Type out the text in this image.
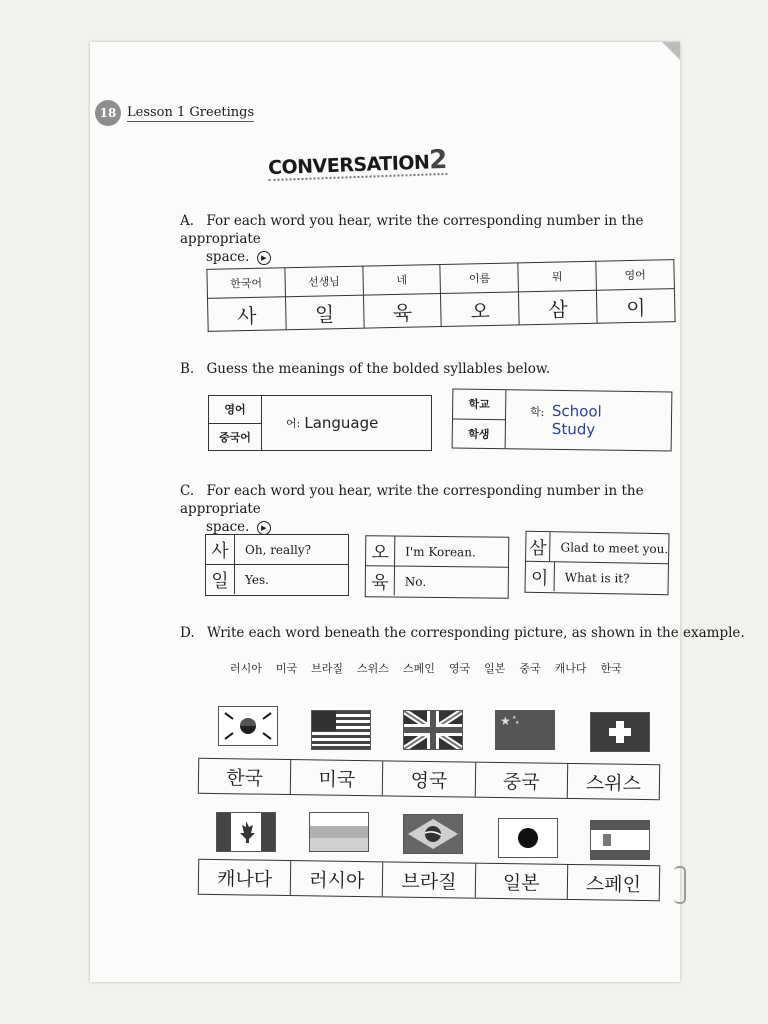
18 Lesson 1 Greetings
CONVERSATION2
A. For each word you hear, write the corresponding number in the appropriate
space. ▶
한국어	선생님	네	이름	뭐	영어
사	일	육	오	삼	이
B. Guess the meanings of the bolded syllables below.
영어
중국어
어: Language
학교
학생
학: School
Study
C. For each word you hear, write the corresponding number in the appropriate
space. ▶
사	Oh, really?
일	Yes.
오	I'm Korean.
육	No.
삼	Glad to meet you.
이	What is it?
D. Write each word beneath the corresponding picture, as shown in the example.
러시아 미국 브라질 스위스 스페인 영국 일본 중국 캐나다 한국
★ ★
★
한국	미국	영국	중국	스위스
캐나다	러시아	브라질	일본	스페인
